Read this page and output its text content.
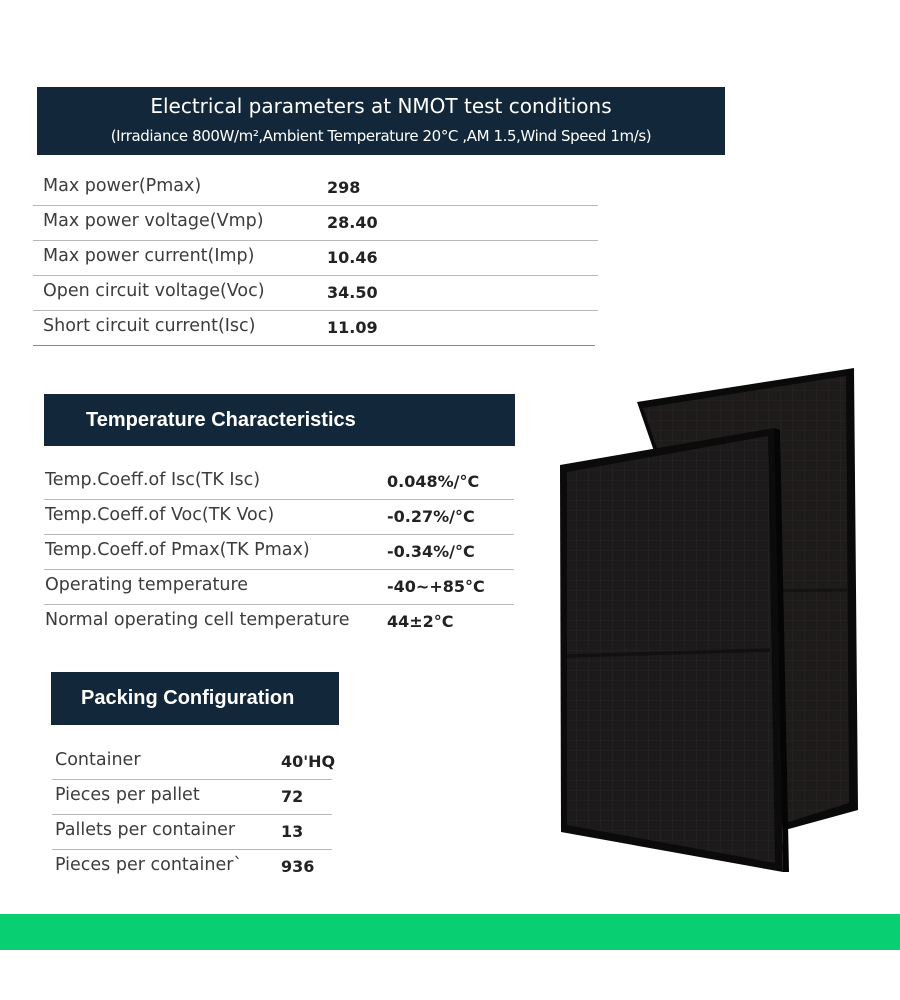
Electrical parameters at NMOT test conditions
(Irradiance 800W/m²,Ambient Temperature 20°C ,AM 1.5,Wind Speed 1m/s)
Max power(Pmax)	298
Max power voltage(Vmp)	28.40
Max power current(Imp)	10.46
Open circuit voltage(Voc)	34.50
Short circuit current(Isc)	11.09
Temperature Characteristics
Temp.Coeff.of Isc(TK Isc)	0.048%/°C
Temp.Coeff.of Voc(TK Voc)	-0.27%/°C
Temp.Coeff.of Pmax(TK Pmax)	-0.34%/°C
Operating temperature	-40~+85°C
Normal operating cell temperature 44±2°C
Packing Configuration
Container	40'HQ
Pieces per pallet	72
Pallets per container	13
Pieces per container` 936
